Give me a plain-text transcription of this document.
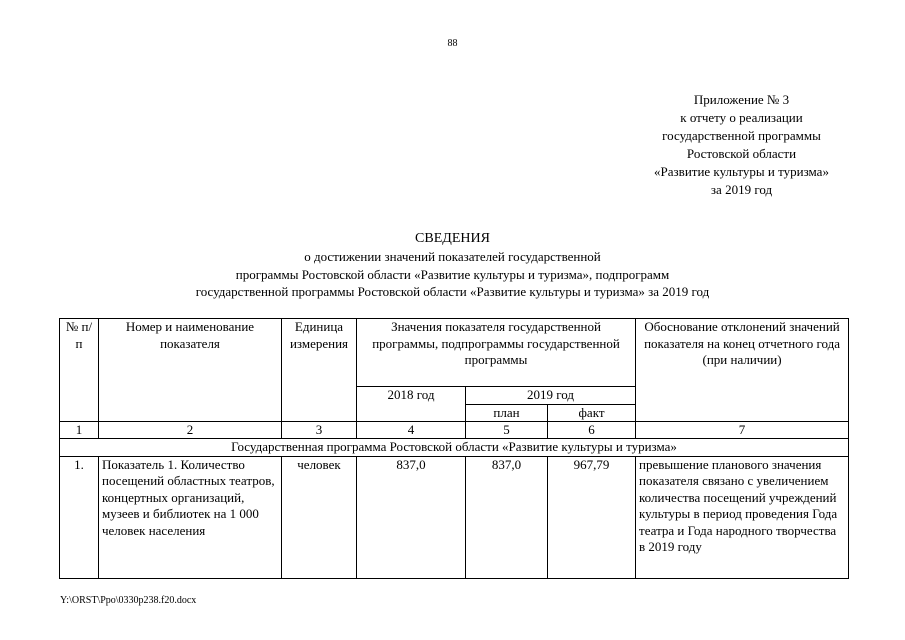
88
Приложение № 3
к отчету о реализации
государственной программы
Ростовской области
«Развитие культуры и туризма»
за 2019 год
СВЕДЕНИЯ
о достижении значений показателей государственной
программы Ростовской области «Развитие культуры и туризма», подпрограмм
государственной программы Ростовской области «Развитие культуры и туризма» за 2019 год
№ п/п	Номер и наименование показателя	Единица измерения	Значения показателя государственной программы, подпрограммы государственной программы			Обоснование отклонений значений показателя на конец отчетного года (при наличии)
			2018 год	2019 год		
				план	факт	
1	2	3	4	5	6	7
Государственная программа Ростовской области «Развитие культуры и туризма»						
1.	Показатель 1. Количество посещений областных театров, концертных организаций, музеев и библиотек на 1 000 человек населения	человек	837,0	837,0	967,79	превышение планового значения показателя связано с увеличением количества посещений учреждений культуры в период проведения Года театра и Года народного творчества в 2019 году
Y:\ORST\Ppo\0330p238.f20.docx
